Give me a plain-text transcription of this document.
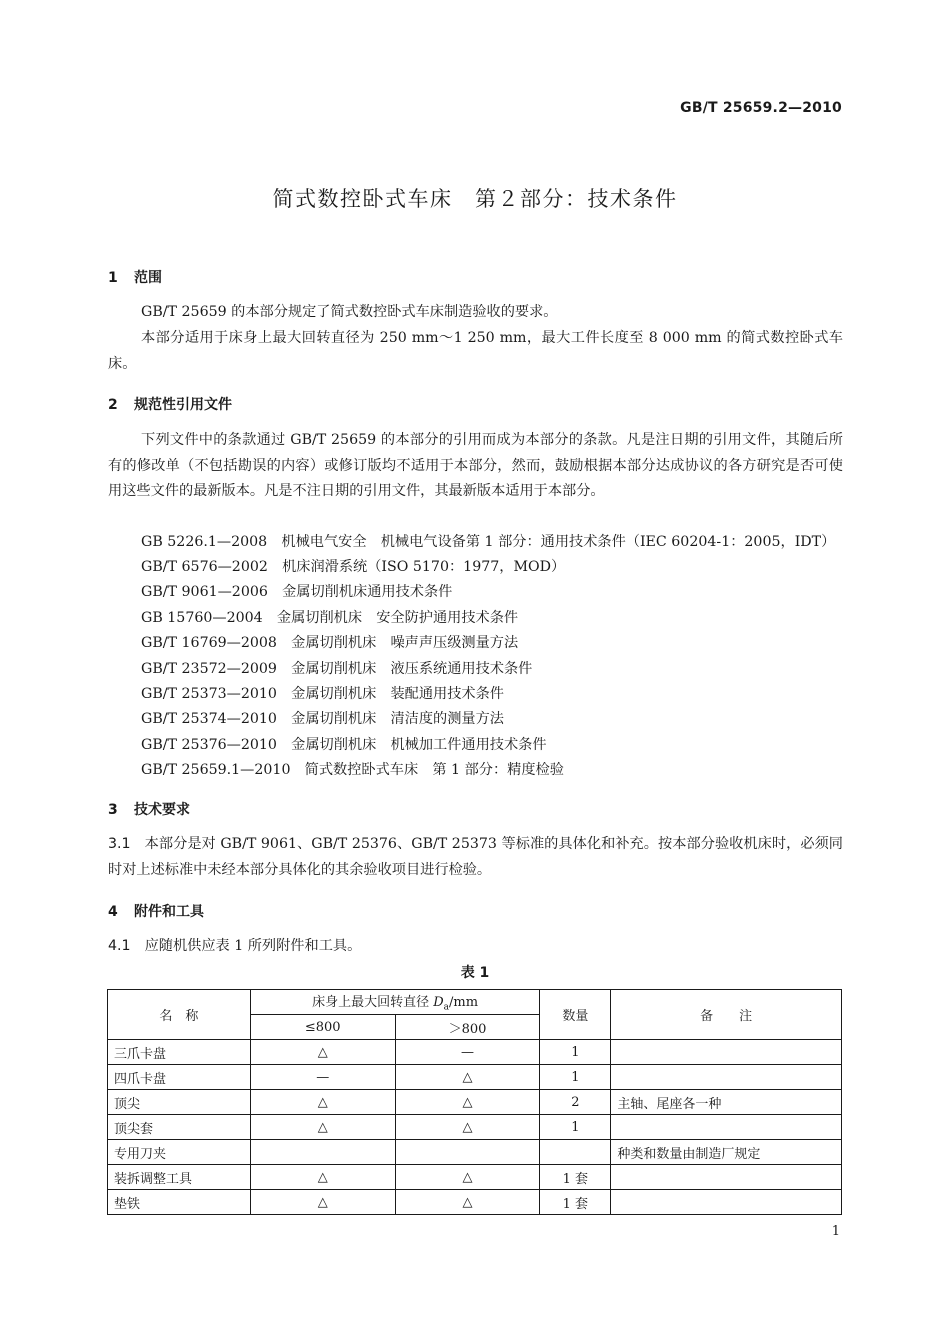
GB/T 25659.2—2010
简式数控卧式车床　第２部分：技术条件
1 范围
GB/T 25659 的本部分规定了简式数控卧式车床制造验收的要求。
本部分适用于床身上最大回转直径为 250 mm～1 250 mm，最大工件长度至 8 000 mm 的简式数控卧式车床。
2 规范性引用文件
下列文件中的条款通过 GB/T 25659 的本部分的引用而成为本部分的条款。凡是注日期的引用文件，其随后所有的修改单（不包括勘误的内容）或修订版均不适用于本部分，然而，鼓励根据本部分达成协议的各方研究是否可使用这些文件的最新版本。凡是不注日期的引用文件，其最新版本适用于本部分。
GB 5226.1—2008　机械电气安全　机械电气设备第 1 部分：通用技术条件（IEC 60204-1：2005，IDT）
GB/T 6576—2002　机床润滑系统（ISO 5170：1977，MOD）
GB/T 9061—2006　金属切削机床通用技术条件
GB 15760—2004　金属切削机床　安全防护通用技术条件
GB/T 16769—2008　金属切削机床　噪声声压级测量方法
GB/T 23572—2009　金属切削机床　液压系统通用技术条件
GB/T 25373—2010　金属切削机床　装配通用技术条件
GB/T 25374—2010　金属切削机床　清洁度的测量方法
GB/T 25376—2010　金属切削机床　机械加工件通用技术条件
GB/T 25659.1—2010　简式数控卧式车床　第 1 部分：精度检验
3 技术要求
3.1 本部分是对 GB/T 9061、GB/T 25376、GB/T 25373 等标准的具体化和补充。按本部分验收机床时，必须同时对上述标准中未经本部分具体化的其余验收项目进行检验。
4 附件和工具
4.1 应随机供应表 1 所列附件和工具。
表 1
名　称	床身上最大回转直径 $D_a/mm$		数量	备　　注
	≤800	＞800		
三爪卡盘	△	—	1	
四爪卡盘	—	△	1	
顶尖	△	△	2	主轴、尾座各一种
顶尖套	△	△	1	
专用刀夹				种类和数量由制造厂规定
装拆调整工具	△	△	1 套	
垫铁	△	△	1 套	
1
